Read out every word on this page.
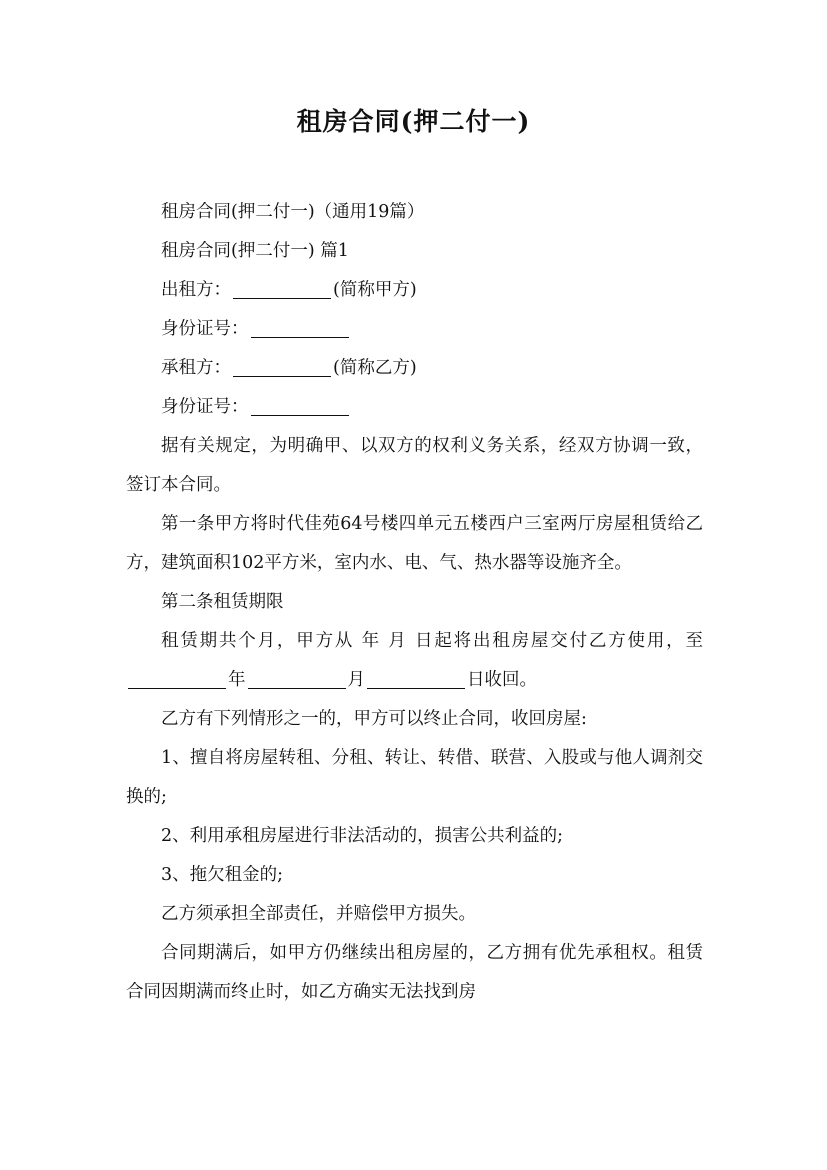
租房合同(押二付一)

租房合同(押二付一)（通用19篇）

租房合同(押二付一) 篇1

出租方：	(简称甲方)

身份证号：

承租方：	(简称乙方)

身份证号：

据有关规定，为明确甲、以双方的权利义务关系，经双方协调一致，签订本合同。

第一条甲方将时代佳苑64号楼四单元五楼西户三室两厅房屋租赁给乙方，建筑面积102平方米，室内水、电、气、热水器等设施齐全。

第二条租赁期限

租赁期共个月，甲方从 年 月 日起将出租房屋交付乙方使用，至年	月	日收回。

乙方有下列情形之一的，甲方可以终止合同，收回房屋:

1、擅自将房屋转租、分租、转让、转借、联营、入股或与他人调剂交换的;

2、利用承租房屋进行非法活动的，损害公共利益的;

3、拖欠租金的;

乙方须承担全部责任，并赔偿甲方损失。

合同期满后，如甲方仍继续出租房屋的，乙方拥有优先承租权。租赁合同因期满而终止时，如乙方确实无法找到房
